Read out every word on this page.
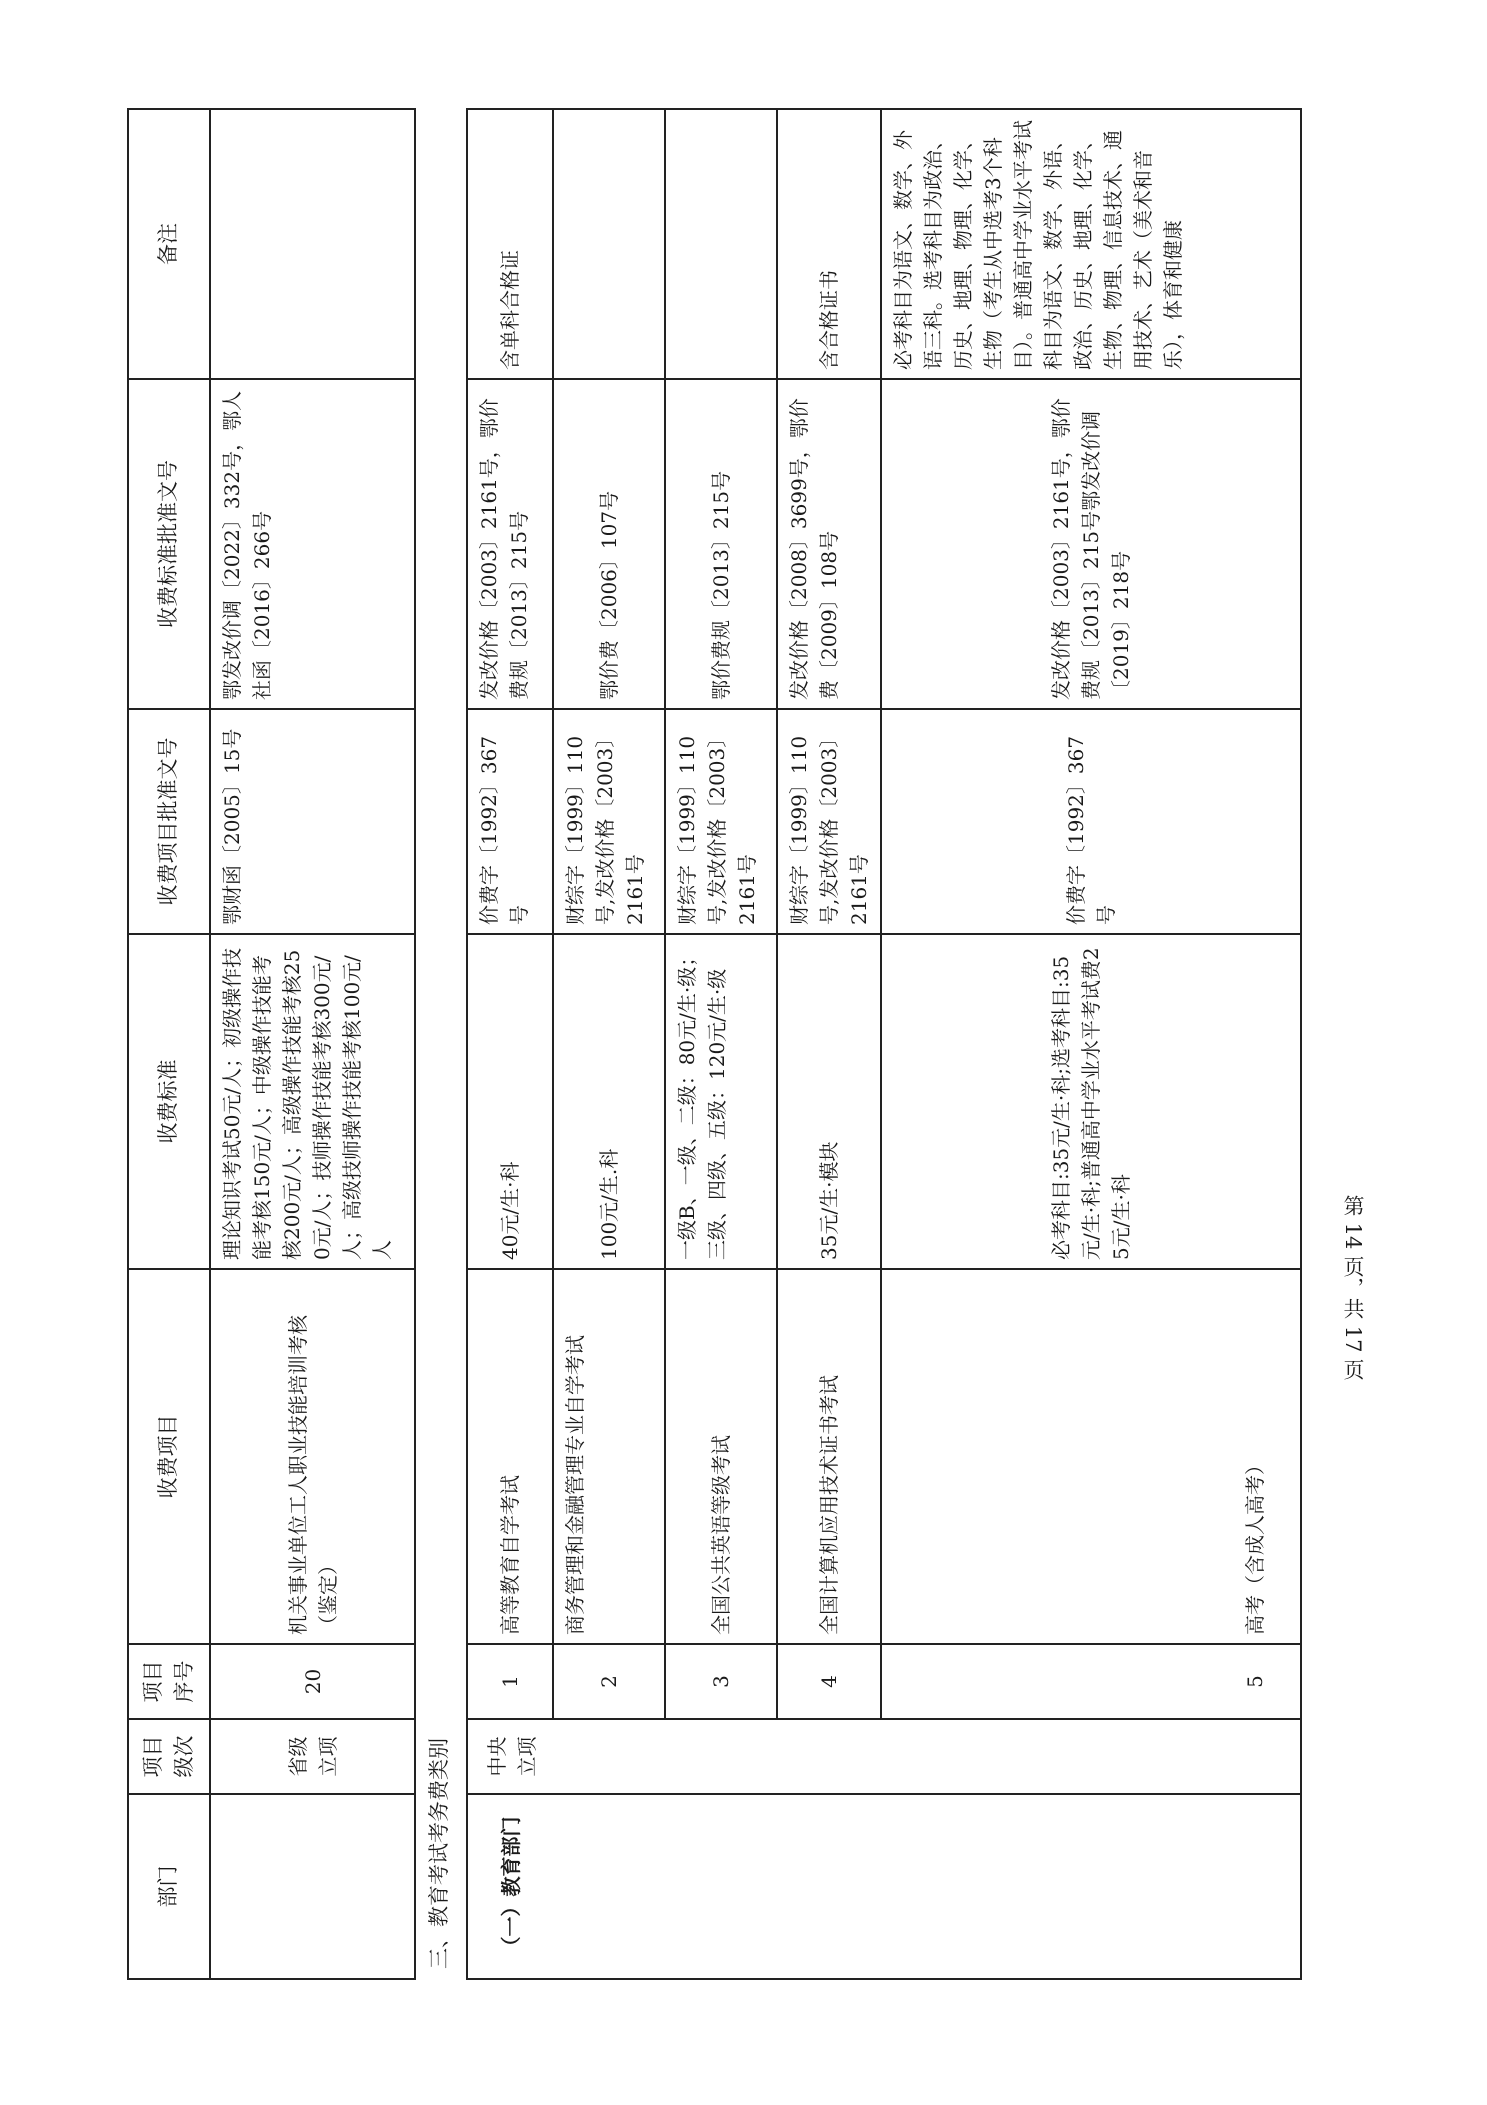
部门	项目级次	项目序号	收费项目	收费标准	收费项目批准文号	收费标准批准文号	备注
	省级立项	20	机关事业单位工人职业技能培训考核（鉴定）	理论知识考试50元/人；初级操作技能考核150元/人；中级操作技能考核200元/人；高级操作技能考核250元/人；技师操作技能考核300元/人；高级技师操作技能考核100元/人	鄂财函〔2005〕15号	鄂发改价调〔2022〕332号，鄂人社函〔2016〕266号	
三、教育考试考务费类别							
（一）教育部门	中央立项	1	高等教育自学考试	40元/生·科	价费字〔1992〕367号	发改价格〔2003〕2161号，鄂价费规〔2013〕215号	含单科合格证
		2	商务管理和金融管理专业自学考试	100元/生.科	财综字〔1999〕110号,发改价格〔2003〕2161号	鄂价费〔2006〕107号	
		3	全国公共英语等级考试	一级B、一级、二级：80元/生·级；三级、四级、五级：120元/生·级	财综字〔1999〕110号,发改价格〔2003〕2161号	鄂价费规〔2013〕215号	
		4	全国计算机应用技术证书考试	35元/生·模块	财综字〔1999〕110号,发改价格〔2003〕2161号	发改价格〔2008〕3699号，鄂价费〔2009〕108号	含合格证书
		5	高考（含成人高考）	必考科目:35元/生·科;选考科目:35元/生·科;普通高中学业水平考试费25元/生·科	价费字〔1992〕367号	发改价格〔2003〕2161号，鄂价费规〔2013〕215号鄂发改价调〔2019〕218号	必考科目为语文、数学、外语三科。选考科目为政治、历史、地理、物理、化学、生物（考生从中选考3个科目）。普通高中学业水平考试科目为语文、数学、外语、政治、历史、地理、化学、生物、物理、信息技术、通用技术、艺术（美术和音乐），体育和健康
第 14 页，共 17 页
